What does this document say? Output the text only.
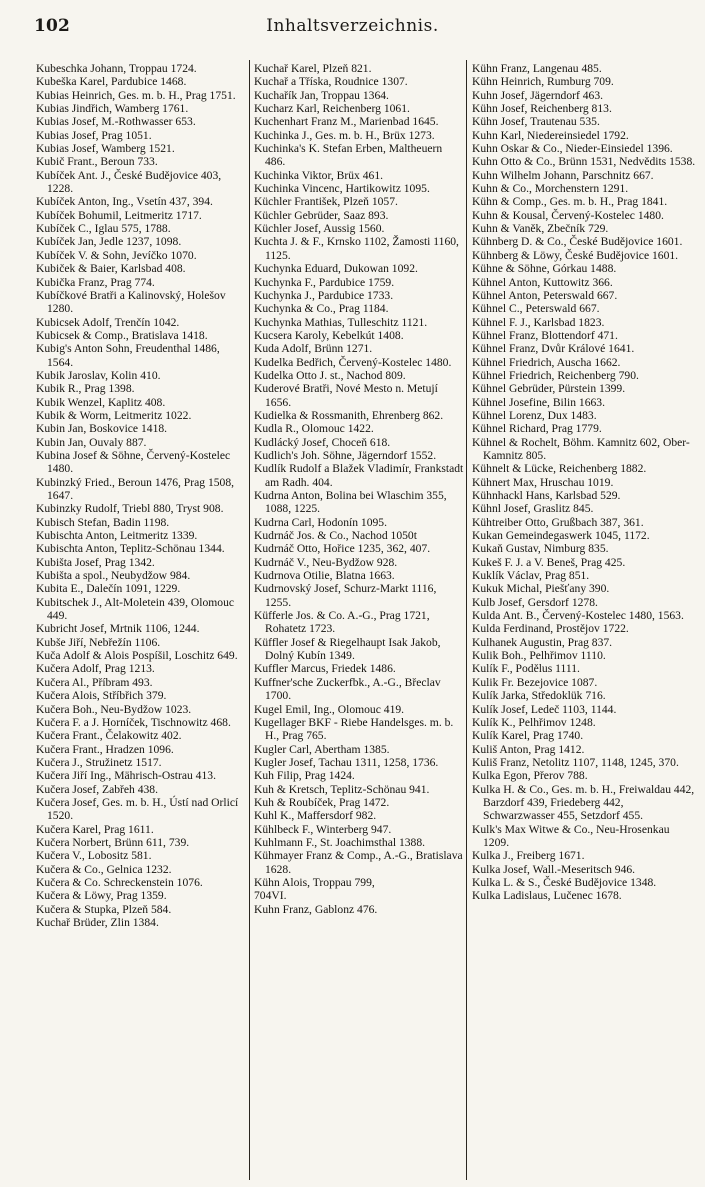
102	Inhaltsverzeichnis.
Kubeschka Johann, Troppau 1724.
Kubeška Karel, Pardubice 1468.
Kubias Heinrich, Ges. m. b. H., Prag 1751.
Kubias Jindřich, Wamberg 1761.
Kubias Josef, M.-Rothwasser 653.
Kubias Josef, Prag 1051.
Kubias Josef, Wamberg 1521.
Kubič Frant., Beroun 733.
Kubíček Ant. J., České Budějovice 403, 1228.
Kubíček Anton, Ing., Vsetín 437, 394.
Kubíček Bohumil, Leitmeritz 1717.
Kubíček C., Iglau 575, 1788.
Kubíček Jan, Jedle 1237, 1098.
Kubíček V. & Sohn, Jevíčko 1070.
Kubiček & Baier, Karlsbad 408.
Kubička Franz, Prag 774.
Kubíčkové Bratři a Kalinovský, Holešov 1280.
Kubicsek Adolf, Trenčín 1042.
Kubicsek & Comp., Bratislava 1418.
Kubig's Anton Sohn, Freudenthal 1486, 1564.
Kubik Jaroslav, Kolin 410.
Kubik R., Prag 1398.
Kubik Wenzel, Kaplitz 408.
Kubik & Worm, Leitmeritz 1022.
Kubin Jan, Boskovice 1418.
Kubin Jan, Ouvaly 887.
Kubina Josef & Söhne, Červený-Kostelec 1480.
Kubinzký Fried., Beroun 1476, Prag 1508, 1647.
Kubinzky Rudolf, Triebl 880, Tryst 908.
Kubisch Stefan, Badin 1198.
Kubischta Anton, Leitmeritz 1339.
Kubischta Anton, Teplitz-Schönau 1344.
Kubišta Josef, Prag 1342.
Kubišta a spol., Neubydžow 984.
Kubita E., Dalečín 1091, 1229.
Kubitschek J., Alt-Moletein 439, Olomouc 449.
Kubricht Josef, Mrtnik 1106, 1244.
Kubše Jiří, Nebřežín 1106.
Kuča Adolf & Alois Pospíšil, Loschitz 649.
Kučera Adolf, Prag 1213.
Kučera Al., Příbram 493.
Kučera Alois, Stříbřich 379.
Kučera Boh., Neu-Bydžow 1023.
Kučera F. a J. Horníček, Tischnowitz 468.
Kučera Frant., Čelakowitz 402.
Kučera Frant., Hradzen 1096.
Kučera J., Stružinetz 1517.
Kučera Jiří Ing., Mährisch-Ostrau 413.
Kučera Josef, Zabřeh 438.
Kučera Josef, Ges. m. b. H., Ústí nad Orlicí 1520.
Kučera Karel, Prag 1611.
Kučera Norbert, Brünn 611, 739.
Kučera V., Lobositz 581.
Kučera & Co., Gelnica 1232.
Kučera & Co. Schreckenstein 1076.
Kučera & Löwy, Prag 1359.
Kučera & Stupka, Plzeň 584.
Kuchař Brüder, Zlin 1384.
Kuchař Karel, Plzeň 821.
Kuchař a Tříska, Roudnice 1307.
Kuchařík Jan, Troppau 1364.
Kucharz Karl, Reichenberg 1061.
Kuchenhart Franz M., Marienbad 1645.
Kuchinka J., Ges. m. b. H., Brüx 1273.
Kuchinka's K. Stefan Erben, Maltheuern 486.
Kuchinka Viktor, Brüx 461.
Kuchinka Vincenc, Hartikowitz 1095.
Küchler František, Plzeň 1057.
Küchler Gebrüder, Saaz 893.
Küchler Josef, Aussig 1560.
Kuchta J. & F., Krnsko 1102, Žamosti 1160, 1125.
Kuchynka Eduard, Dukowan 1092.
Kuchynka F., Pardubice 1759.
Kuchynka J., Pardubice 1733.
Kuchynka & Co., Prag 1184.
Kuchynka Mathias, Tulleschitz 1121.
Kucsera Karoly, Kebelkút 1408.
Kuda Adolf, Brünn 1271.
Kudelka Bedřich, Červený-Kostelec 1480.
Kudelka Otto J. st., Nachod 809.
Kuderové Bratři, Nové Mesto n. Metují 1656.
Kudielka & Rossmanith, Ehrenberg 862.
Kudla R., Olomouc 1422.
Kudlácký Josef, Choceň 618.
Kudlich's Joh. Söhne, Jägerndorf 1552.
Kudlík Rudolf a Blažek Vladimír, Frankstadt am Radh. 404.
Kudrna Anton, Bolina bei Wlaschim 355, 1088, 1225.
Kudrna Carl, Hodonín 1095.
Kudrnáč Jos. & Co., Nachod 1050t
Kudrnáč Otto, Hořice 1235, 362, 407.
Kudrnáč V., Neu-Bydžow 928.
Kudrnova Otilie, Blatna 1663.
Kudrnovský Josef, Schurz-Markt 1116, 1255.
Küfferle Jos. & Co. A.-G., Prag 1721, Rohatetz 1723.
Küffler Josef & Riegelhaupt Isak Jakob, Dolný Kubín 1349.
Kuffler Marcus, Friedek 1486.
Kuffner'sche Zuckerfbk., A.-G., Břeclav 1700.
Kugel Emil, Ing., Olomouc 419.
Kugellager BKF - Riebe Handelsges. m. b. H., Prag 765.
Kugler Carl, Abertham 1385.
Kugler Josef, Tachau 1311, 1258, 1736.
Kuh Filip, Prag 1424.
Kuh & Kretsch, Teplitz-Schönau 941.
Kuh & Roubíček, Prag 1472.
Kuhl K., Maffersdorf 982.
Kühlbeck F., Winterberg 947.
Kuhlmann F., St. Joachimsthal 1388.
Kühmayer Franz & Comp., A.-G., Bratislava 1628.
Kühn Alois, Troppau 799,
704VI.
Kuhn Franz, Gablonz 476.
Kühn Franz, Langenau 485.
Kühn Heinrich, Rumburg 709.
Kuhn Josef, Jägerndorf 463.
Kühn Josef, Reichenberg 813.
Kühn Josef, Trautenau 535.
Kuhn Karl, Niedereinsiedel 1792.
Kuhn Oskar & Co., Nieder-Einsiedel 1396.
Kuhn Otto & Co., Brünn 1531, Nedvědits 1538.
Kuhn Wilhelm Johann, Parschnitz 667.
Kuhn & Co., Morchenstern 1291.
Kühn & Comp., Ges. m. b. H., Prag 1841.
Kuhn & Kousal, Červený-Kostelec 1480.
Kuhn & Vaněk, Zbečník 729.
Kühnberg D. & Co., České Budějovice 1601.
Kühnberg & Löwy, České Budějovice 1601.
Kühne & Söhne, Górkau 1488.
Kühnel Anton, Kuttowitz 366.
Kühnel Anton, Peterswald 667.
Kühnel C., Peterswald 667.
Kühnel F. J., Karlsbad 1823.
Kühnel Franz, Blottendorf 471.
Kühnel Franz, Dvůr Králové 1641.
Kühnel Friedrich, Auscha 1662.
Kühnel Friedrich, Reichenberg 790.
Kühnel Gebrüder, Pürstein 1399.
Kühnel Josefine, Bilin 1663.
Kühnel Lorenz, Dux 1483.
Kühnel Richard, Prag 1779.
Kühnel & Rochelt, Böhm. Kamnitz 602, Ober-Kamnitz 805.
Kühnelt & Lücke, Reichenberg 1882.
Kühnert Max, Hruschau 1019.
Kühnhackl Hans, Karlsbad 529.
Kühnl Josef, Graslitz 845.
Kühtreiber Otto, Grußbach 387, 361.
Kukan Gemeindegaswerk 1045, 1172.
Kukaň Gustav, Nimburg 835.
Kukeš F. J. a V. Beneš, Prag 425.
Kuklík Václav, Prag 851.
Kukuk Michal, Piešťany 390.
Kulb Josef, Gersdorf 1278.
Kulda Ant. B., Červený-Kostelec 1480, 1563.
Kulda Ferdinand, Prostějov 1722.
Kulhanek Augustin, Prag 837.
Kulik Boh., Pelhřimov 1110.
Kulík F., Podělus 1111.
Kulik Fr. Bezejovice 1087.
Kulík Jarka, Středoklük 716.
Kulík Josef, Ledeč 1103, 1144.
Kulík K., Pelhřimov 1248.
Kulík Karel, Prag 1740.
Kuliš Anton, Prag 1412.
Kuliš Franz, Netolitz 1107, 1148, 1245, 370.
Kulka Egon, Přerov 788.
Kulka H. & Co., Ges. m. b. H., Freiwaldau 442, Barzdorf 439, Friedeberg 442, Schwarzwasser 455, Setzdorf 455.
Kulk's Max Witwe & Co., Neu-Hrosenkau 1209.
Kulka J., Freiberg 1671.
Kulka Josef, Wall.-Meseritsch 946.
Kulka L. & S., České Budějovice 1348.
Kulka Ladislaus, Lučenec 1678.
